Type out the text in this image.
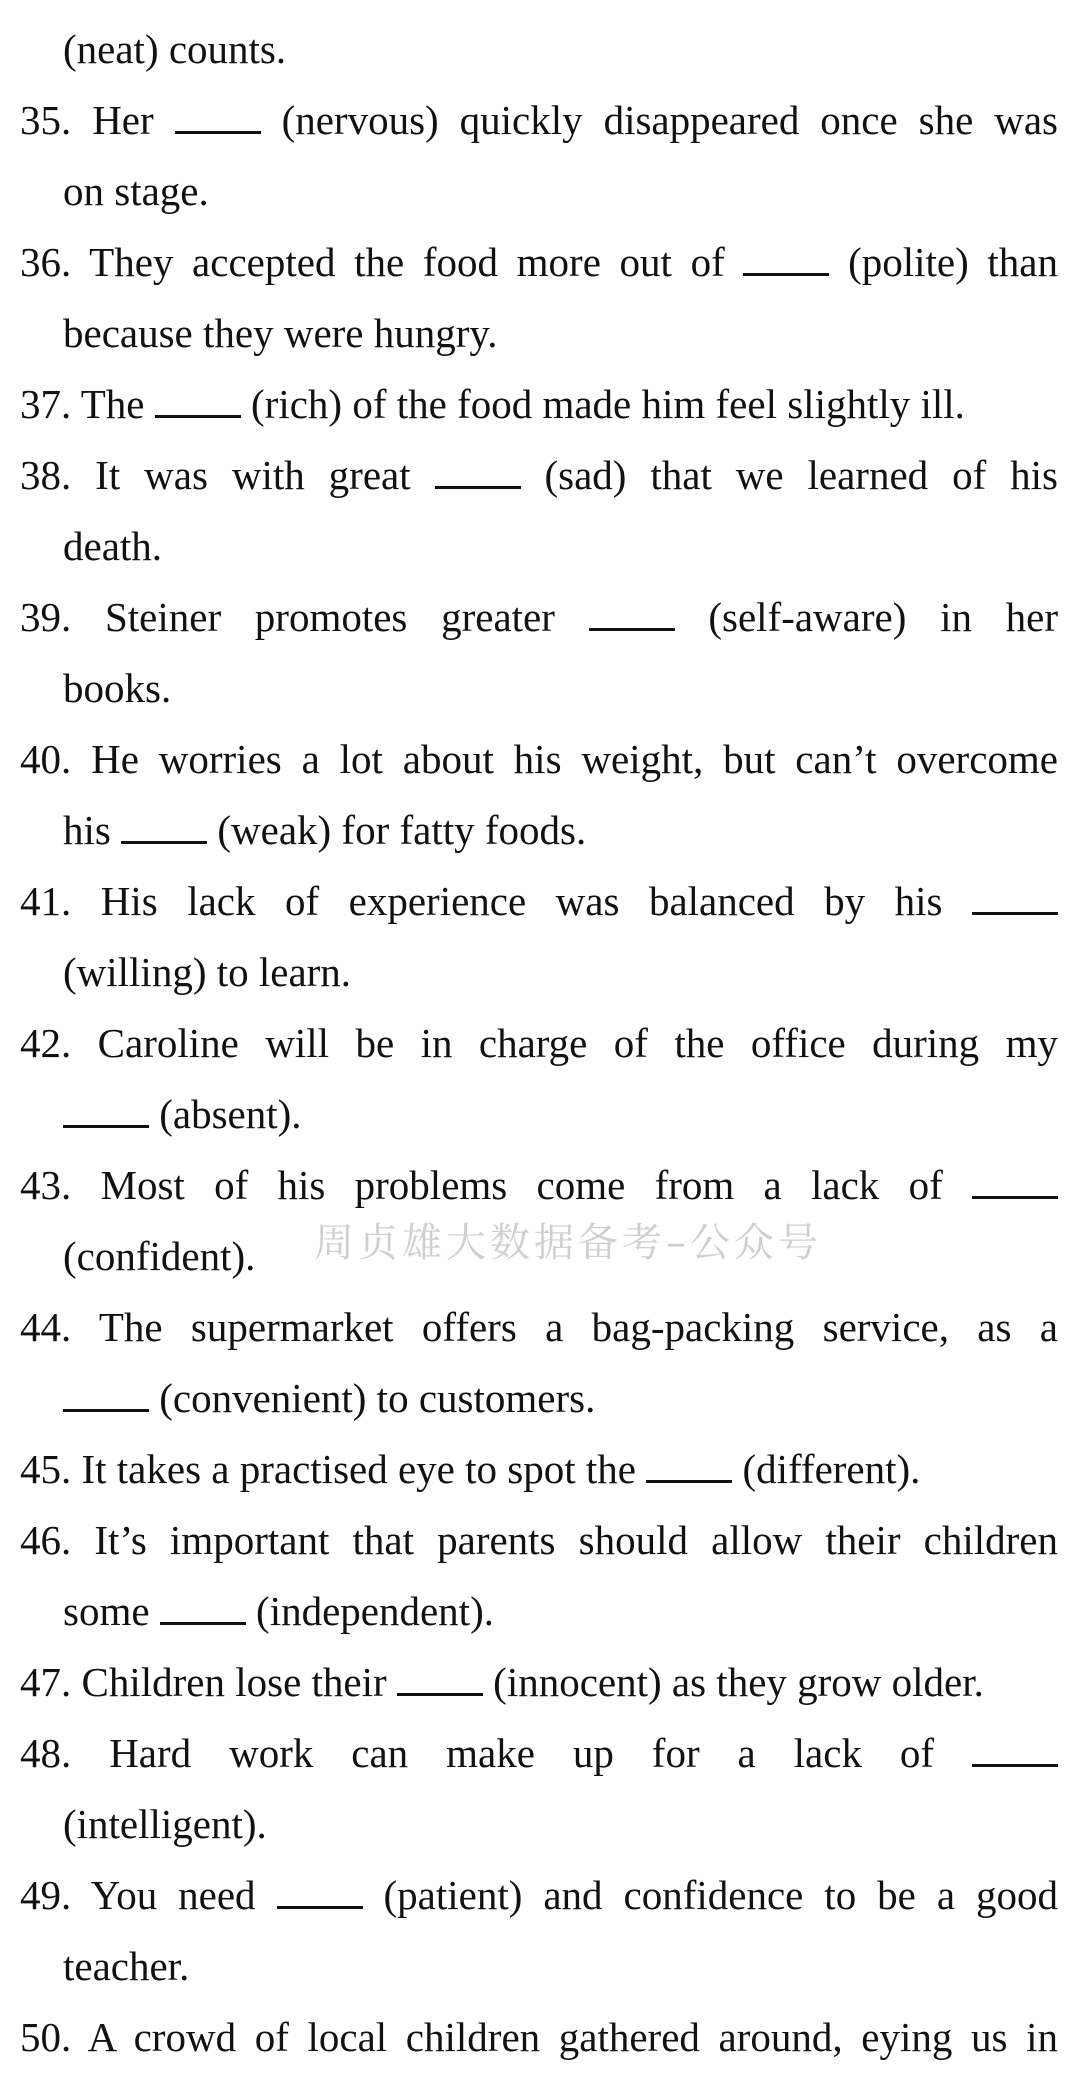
(neat) counts.
35. Her	(nervous) quickly disappeared once she was
on stage.
36. They accepted the food more out of	(polite) than
because they were hungry.
37. The	(rich) of the food made him feel slightly ill.
38. It was with great	(sad) that we learned of his
death.
39. Steiner promotes greater	(self-aware) in her
books.
40. He worries a lot about his weight, but can’t overcome
his	(weak) for fatty foods.
41. His lack of experience was balanced by his
(willing) to learn.
42. Caroline will be in charge of the office during my
(absent).
43. Most of his problems come from a lack of
(confident).
44. The supermarket offers a bag-packing service, as a
(convenient) to customers.
45. It takes a practised eye to spot the	(different).
46. It’s important that parents should allow their children
some	(independent).
47. Children lose their	(innocent) as they grow older.
48. Hard work can make up for a lack of
(intelligent).
49. You need	(patient) and confidence to be a good
teacher.
50. A crowd of local children gathered around, eying us in
周贞雄大数据备考–公众号
